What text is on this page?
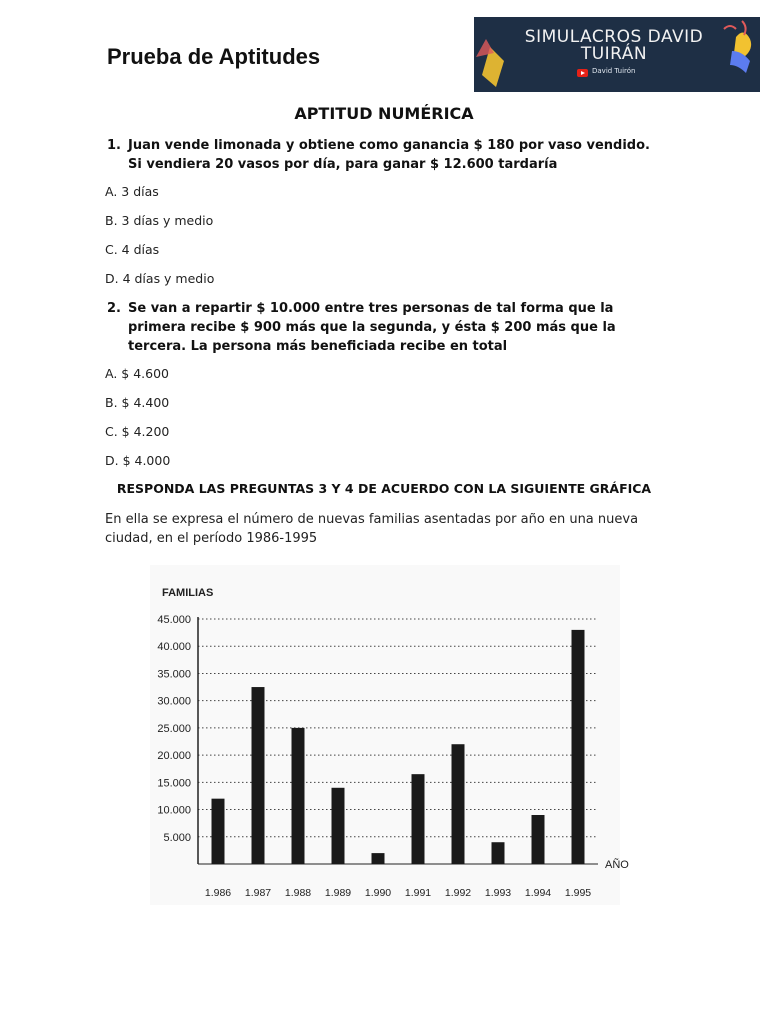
Prueba de Aptitudes
SIMULACROS DAVID TUIRÁN
David Tuirón
APTITUD NUMÉRICA
1. Juan vende limonada y obtiene como ganancia $ 180 por vaso vendido. Si vendiera 20 vasos por día, para ganar $ 12.600 tardaría
A. 3 días
B. 3 días y medio
C. 4 días
D. 4 días y medio
2. Se van a repartir $ 10.000 entre tres personas de tal forma que la primera recibe $ 900 más que la segunda, y ésta $ 200 más que la tercera. La persona más beneficiada recibe en total
A. $ 4.600
B. $ 4.400
C. $ 4.200
D. $ 4.000
RESPONDA LAS PREGUNTAS 3 Y 4 DE ACUERDO CON LA SIGUIENTE GRÁFICA
En ella se expresa el número de nuevas familias asentadas por año en una nueva ciudad, en el período 1986-1995
FAMILIAS
AÑO
5.000
10.000
15.000
20.000
25.000
30.000
35.000
40.000
45.000
1.986 1.987 1.988 1.989 1.990 1.991 1.992 1.993 1.994 1.995
